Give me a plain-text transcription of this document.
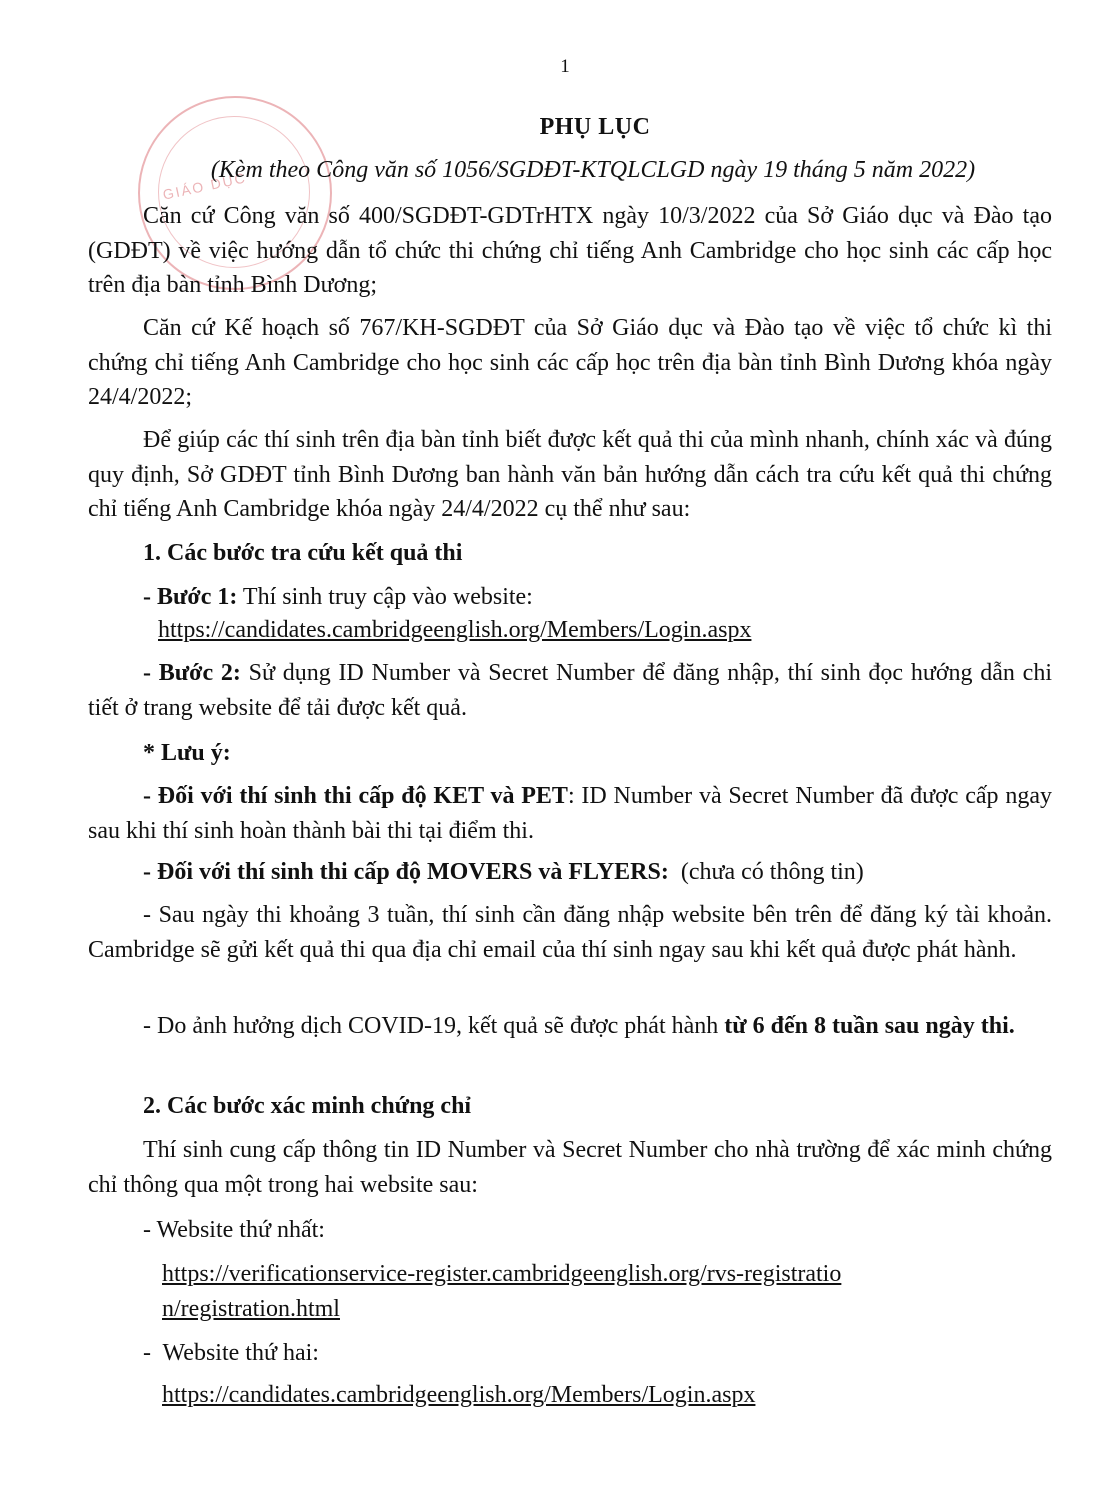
GIÁO DỤC
1
PHỤ LỤC
(Kèm theo Công văn số 1056/SGDĐT-KTQLCLGD ngày 19 tháng 5 năm 2022)

Căn cứ Công văn số 400/SGDĐT-GDTrHTX ngày 10/3/2022 của Sở Giáo dục và Đào tạo (GDĐT) về việc hướng dẫn tổ chức thi chứng chỉ tiếng Anh Cambridge cho học sinh các cấp học trên địa bàn tỉnh Bình Dương;

Căn cứ Kế hoạch số 767/KH-SGDĐT của Sở Giáo dục và Đào tạo về việc tổ chức kì thi chứng chỉ tiếng Anh Cambridge cho học sinh các cấp học trên địa bàn tỉnh Bình Dương khóa ngày 24/4/2022;

Để giúp các thí sinh trên địa bàn tỉnh biết được kết quả thi của mình nhanh, chính xác và đúng quy định, Sở GDĐT tỉnh Bình Dương ban hành văn bản hướng dẫn cách tra cứu kết quả thi chứng chỉ tiếng Anh Cambridge khóa ngày 24/4/2022 cụ thể như sau:

1. Các bước tra cứu kết quả thi

- Bước 1: Thí sinh truy cập vào website:

https://candidates.cambridgeenglish.org/Members/Login.aspx

- Bước 2: Sử dụng ID Number và Secret Number để đăng nhập, thí sinh đọc hướng dẫn chi tiết ở trang website để tải được kết quả.

* Lưu ý:

- Đối với thí sinh thi cấp độ KET và PET: ID Number và Secret Number đã được cấp ngay sau khi thí sinh hoàn thành bài thi tại điểm thi.

- Đối với thí sinh thi cấp độ MOVERS và FLYERS:  (chưa có thông tin)

- Sau ngày thi khoảng 3 tuần, thí sinh cần đăng nhập website bên trên để đăng ký tài khoản. Cambridge sẽ gửi kết quả thi qua địa chỉ email của thí sinh ngay sau khi kết quả được phát hành.

- Do ảnh hưởng dịch COVID-19, kết quả sẽ được phát hành từ 6 đến 8 tuần sau ngày thi.

2. Các bước xác minh chứng chỉ

Thí sinh cung cấp thông tin ID Number và Secret Number cho nhà trường để xác minh chứng chỉ thông qua một trong hai website sau:

- Website thứ nhất:

https://verificationservice-register.cambridgeenglish.org/rvs-registration/registration.html

-  Website thứ hai:

https://candidates.cambridgeenglish.org/Members/Login.aspx
